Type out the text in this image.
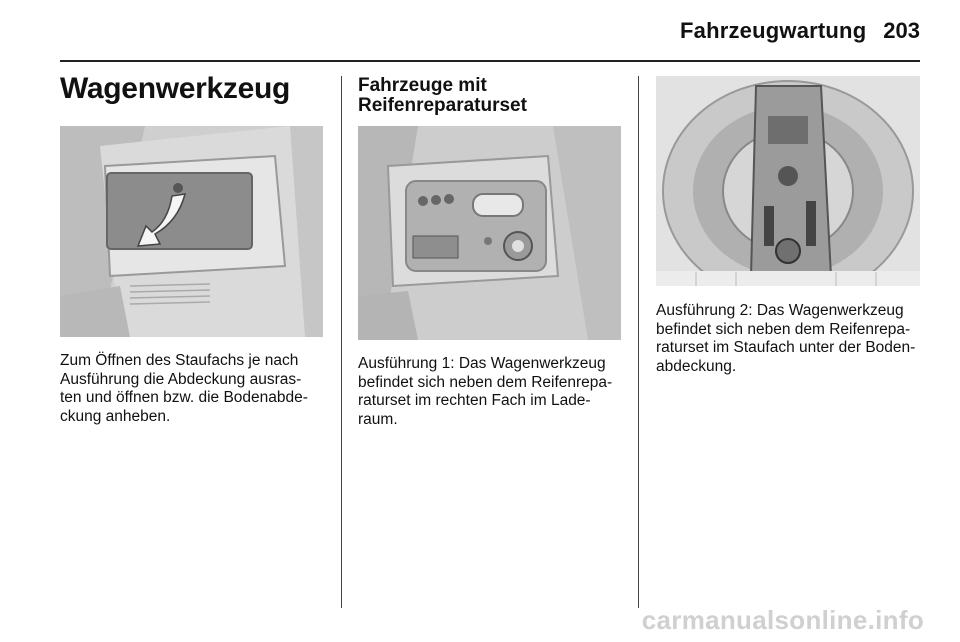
Fahrzeugwartung 203
Wagenwerkzeug
Zum Öffnen des Staufachs je nach
Ausführung die Abdeckung ausras-
ten und öffnen bzw. die Bodenabde-
ckung anheben.
Fahrzeuge mit
Reifenreparaturset
Ausführung 1: Das Wagenwerkzeug
befindet sich neben dem Reifenrepa-
raturset im rechten Fach im Lade-
raum.
Ausführung 2: Das Wagenwerkzeug
befindet sich neben dem Reifenrepa-
raturset im Staufach unter der Boden-
abdeckung.
carmanualsonline.info
